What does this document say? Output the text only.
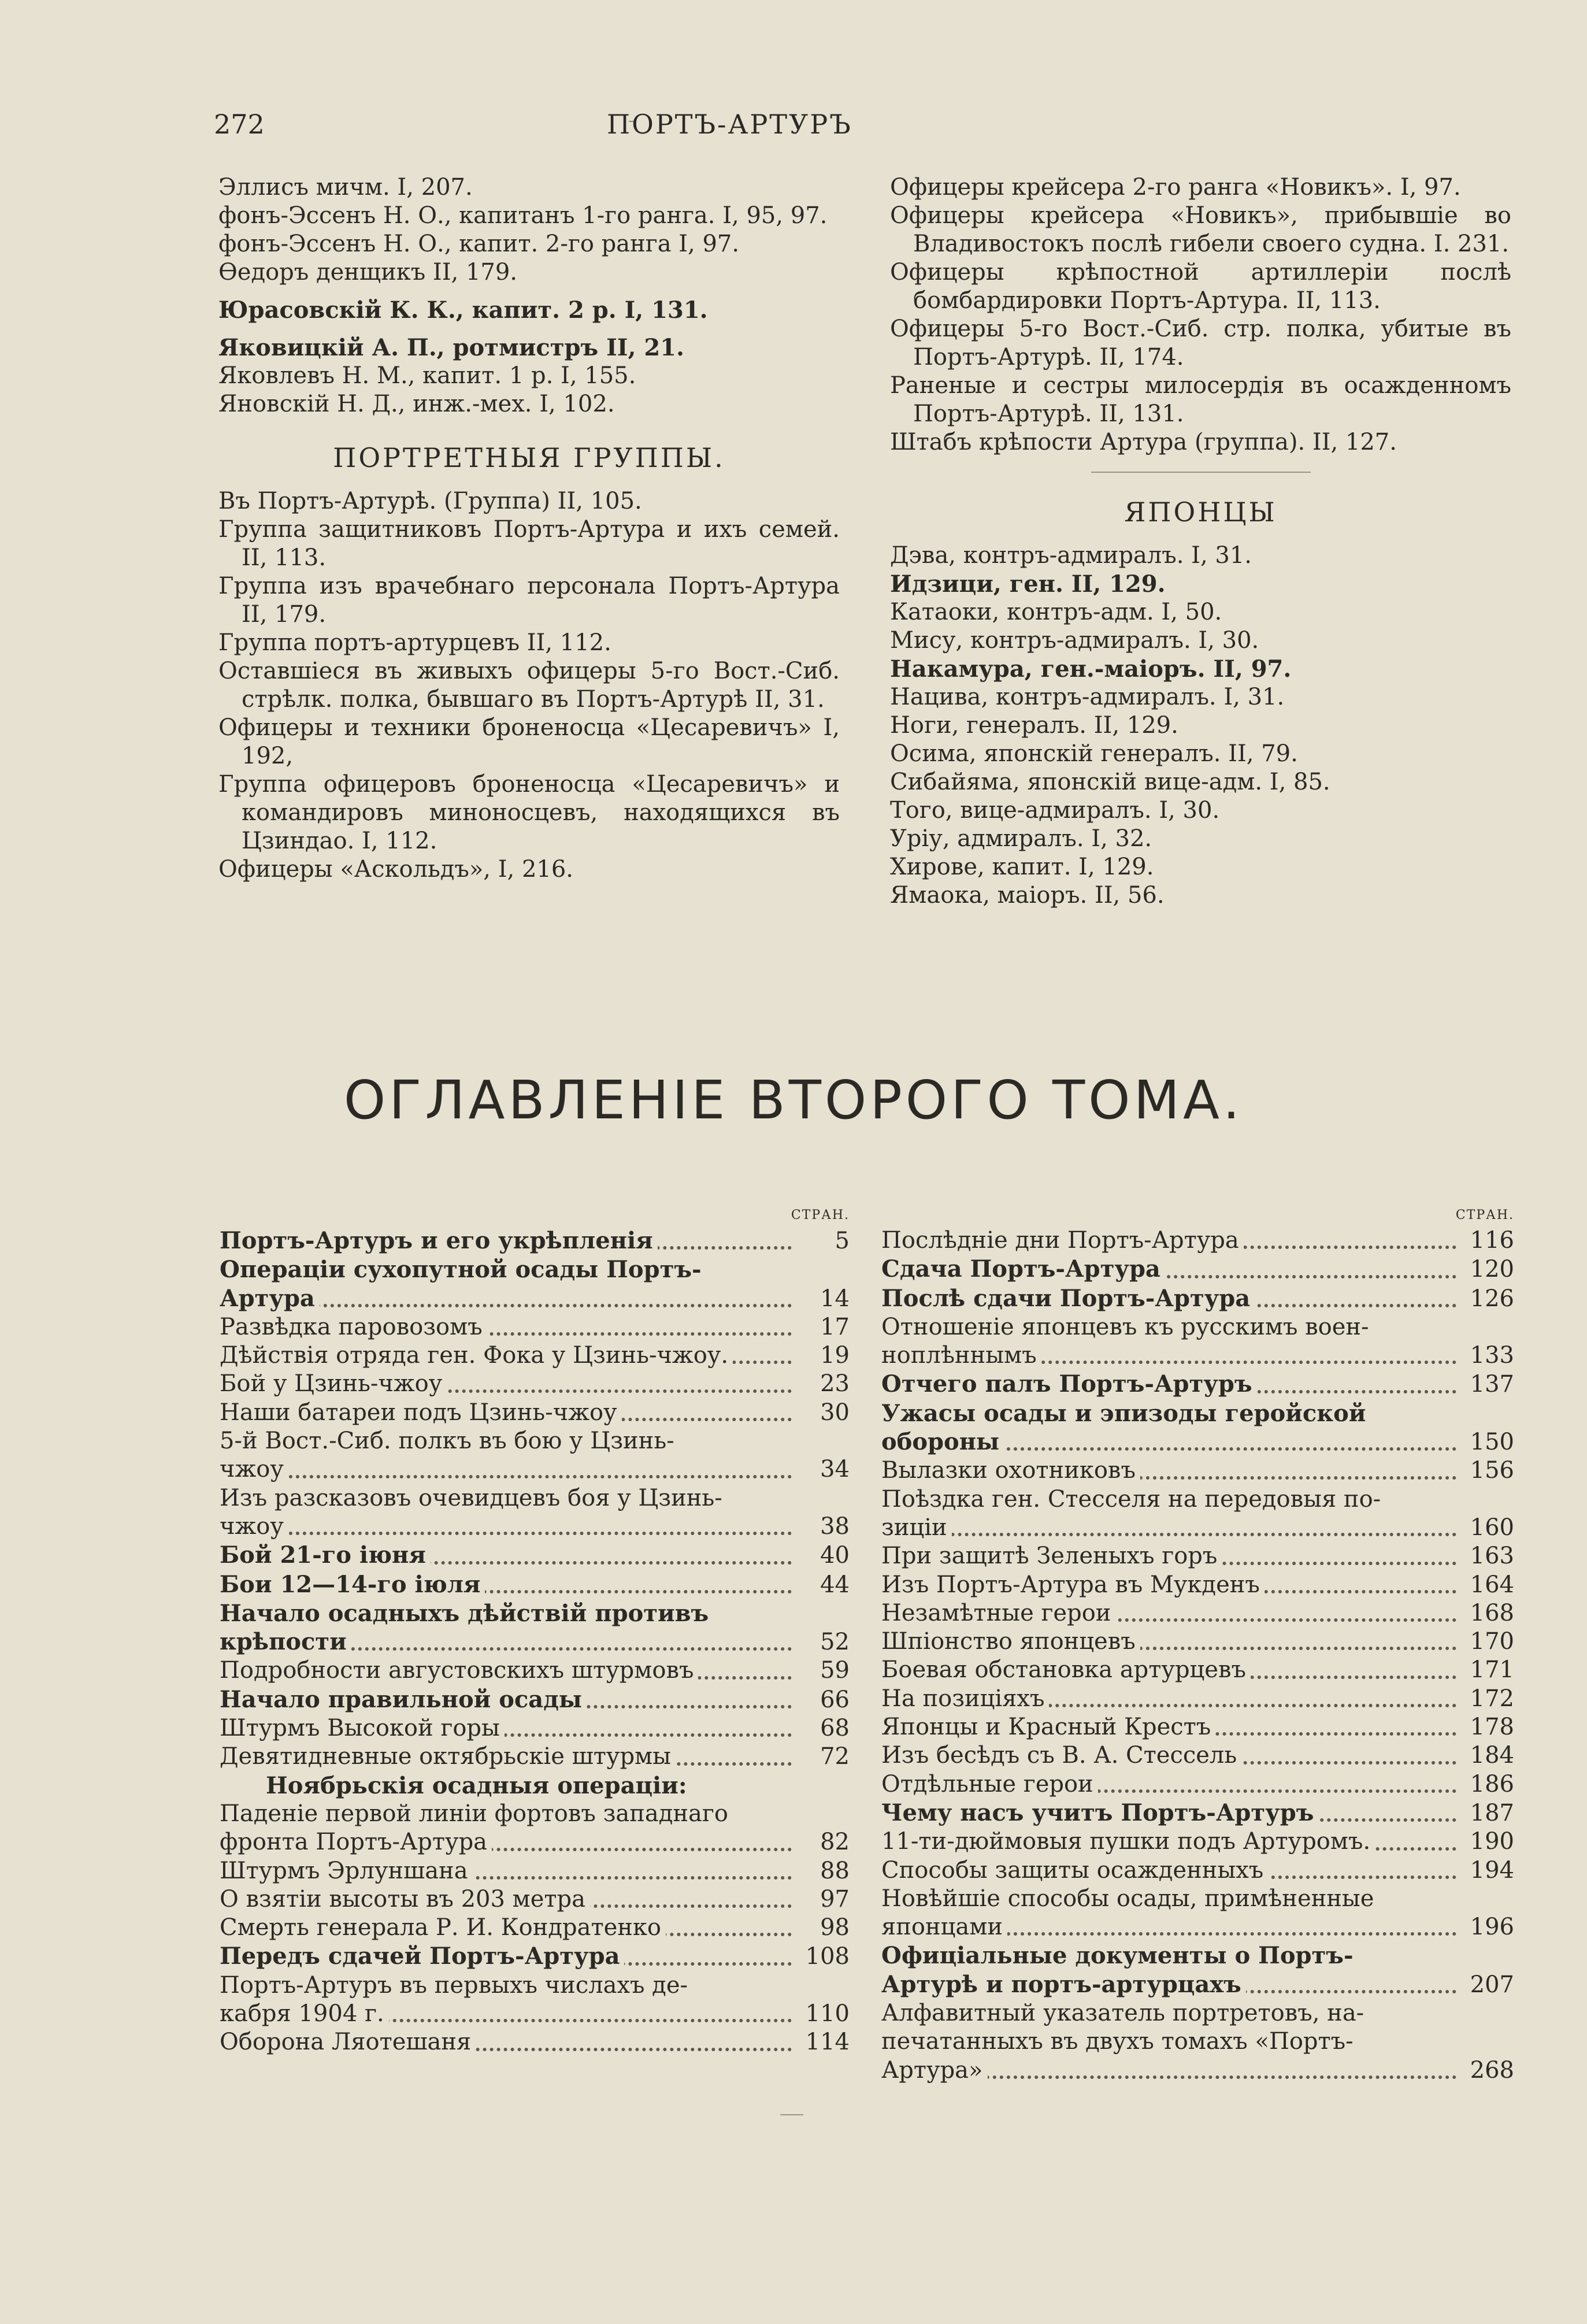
272	ПОРТЪ-АРТУРЪ
Эллисъ мичм. I, 207.
фонъ-Эссенъ Н. О., капитанъ 1-го ранга. I, 95, 97.
фонъ-Эссенъ Н. О., капит. 2-го ранга I, 97.
Өедоръ денщикъ II, 179.
Юрасовскій К. К., капит. 2 р. I, 131.
Яковицкій А. П., ротмистръ II, 21.
Яковлевъ Н. М., капит. 1 р. I, 155.
Яновскій Н. Д., инж.-мех. I, 102.
ПОРТРЕТНЫЯ ГРУППЫ.
Въ Портъ-Артурѣ. (Группа) II, 105.
Группа защитниковъ Портъ-Артура и ихъ семей. II, 113.
Группа изъ врачебнаго персонала Портъ-Артура II, 179.
Группа портъ-артурцевъ II, 112.
Оставшіеся въ живыхъ офицеры 5-го Вост.-Сиб. стрѣлк. полка, бывшаго въ Портъ-Артурѣ II, 31.
Офицеры и техники броненосца «Цесаревичъ» I, 192,
Группа офицеровъ броненосца «Цесаревичъ» и командировъ миноносцевъ, находящихся въ Цзиндао. I, 112.
Офицеры «Аскольдъ», I, 216.
Офицеры крейсера 2-го ранга «Новикъ». I, 97.
Офицеры крейсера «Новикъ», прибывшіе во Владивостокъ послѣ гибели своего судна. I. 231.
Офицеры крѣпостной артиллеріи послѣ бомбардировки Портъ-Артура. II, 113.
Офицеры 5-го Вост.-Сиб. стр. полка, убитые въ Портъ-Артурѣ. II, 174.
Раненые и сестры милосердія въ осажденномъ Портъ-Артурѣ. II, 131.
Штабъ крѣпости Артура (группа). II, 127.
ЯПОНЦЫ
Дэва, контръ-адмиралъ. I, 31.
Идзици, ген. II, 129.
Катаоки, контръ-адм. I, 50.
Мису, контръ-адмиралъ. I, 30.
Накамура, ген.-маіоръ. II, 97.
Нацива, контръ-адмиралъ. I, 31.
Ноги, генералъ. II, 129.
Осима, японскій генералъ. II, 79.
Сибайяма, японскій вице-адм. I, 85.
Того, вице-адмиралъ. I, 30.
Уріу, адмиралъ. I, 32.
Хирове, капит. I, 129.
Ямаока, маіоръ. II, 56.
ОГЛАВЛЕНІЕ ВТОРОГО ТОМА.
СТРАН.
Портъ-Артуръ и его укрѣпленія	5
Операціи сухопутной осады Портъ-
Артура	14
Развѣдка паровозомъ	17
Дѣйствія отряда ген. Фока у Цзинь-чжоу.	19
Бой у Цзинь-чжоу	23
Наши батареи подъ Цзинь-чжоу	30
5-й Вост.-Сиб. полкъ въ бою у Цзинь-
чжоу	34
Изъ разсказовъ очевидцевъ боя у Цзинь-
чжоу	38
Бой 21-го іюня	40
Бои 12—14-го іюля	44
Начало осадныхъ дѣйствій противъ
крѣпости	52
Подробности августовскихъ штурмовъ	59
Начало правильной осады	66
Штурмъ Высокой горы	68
Девятидневные октябрьскіе штурмы	72
Ноябрьскія осадныя операціи:
Паденіе первой линіи фортовъ западнаго
фронта Портъ-Артура	82
Штурмъ Эрлуншана	88
О взятіи высоты въ 203 метра	97
Смерть генерала Р. И. Кондратенко	98
Передъ сдачей Портъ-Артура	108
Портъ-Артуръ въ первыхъ числахъ де-
кабря 1904 г.	110
Оборона Ляотешаня	114
СТРАН.
Послѣдніе дни Портъ-Артура	116
Сдача Портъ-Артура	120
Послѣ сдачи Портъ-Артура	126
Отношеніе японцевъ къ русскимъ воен-
ноплѣннымъ	133
Отчего палъ Портъ-Артуръ	137
Ужасы осады и эпизоды геройской
обороны	150
Вылазки охотниковъ	156
Поѣздка ген. Стесселя на передовыя по-
зиціи	160
При защитѣ Зеленыхъ горъ	163
Изъ Портъ-Артура въ Мукденъ	164
Незамѣтные герои	168
Шпіонство японцевъ	170
Боевая обстановка артурцевъ	171
На позиціяхъ	172
Японцы и Красный Крестъ	178
Изъ бесѣдъ съ В. А. Стессель	184
Отдѣльные герои	186
Чему насъ учитъ Портъ-Артуръ	187
11-ти-дюймовыя пушки подъ Артуромъ.	190
Способы защиты осажденныхъ	194
Новѣйшіе способы осады, примѣненные
японцами	196
Офиціальные документы о Портъ-
Артурѣ и портъ-артурцахъ	207
Алфавитный указатель портретовъ, на-
печатанныхъ въ двухъ томахъ «Портъ-
Артура»	268
